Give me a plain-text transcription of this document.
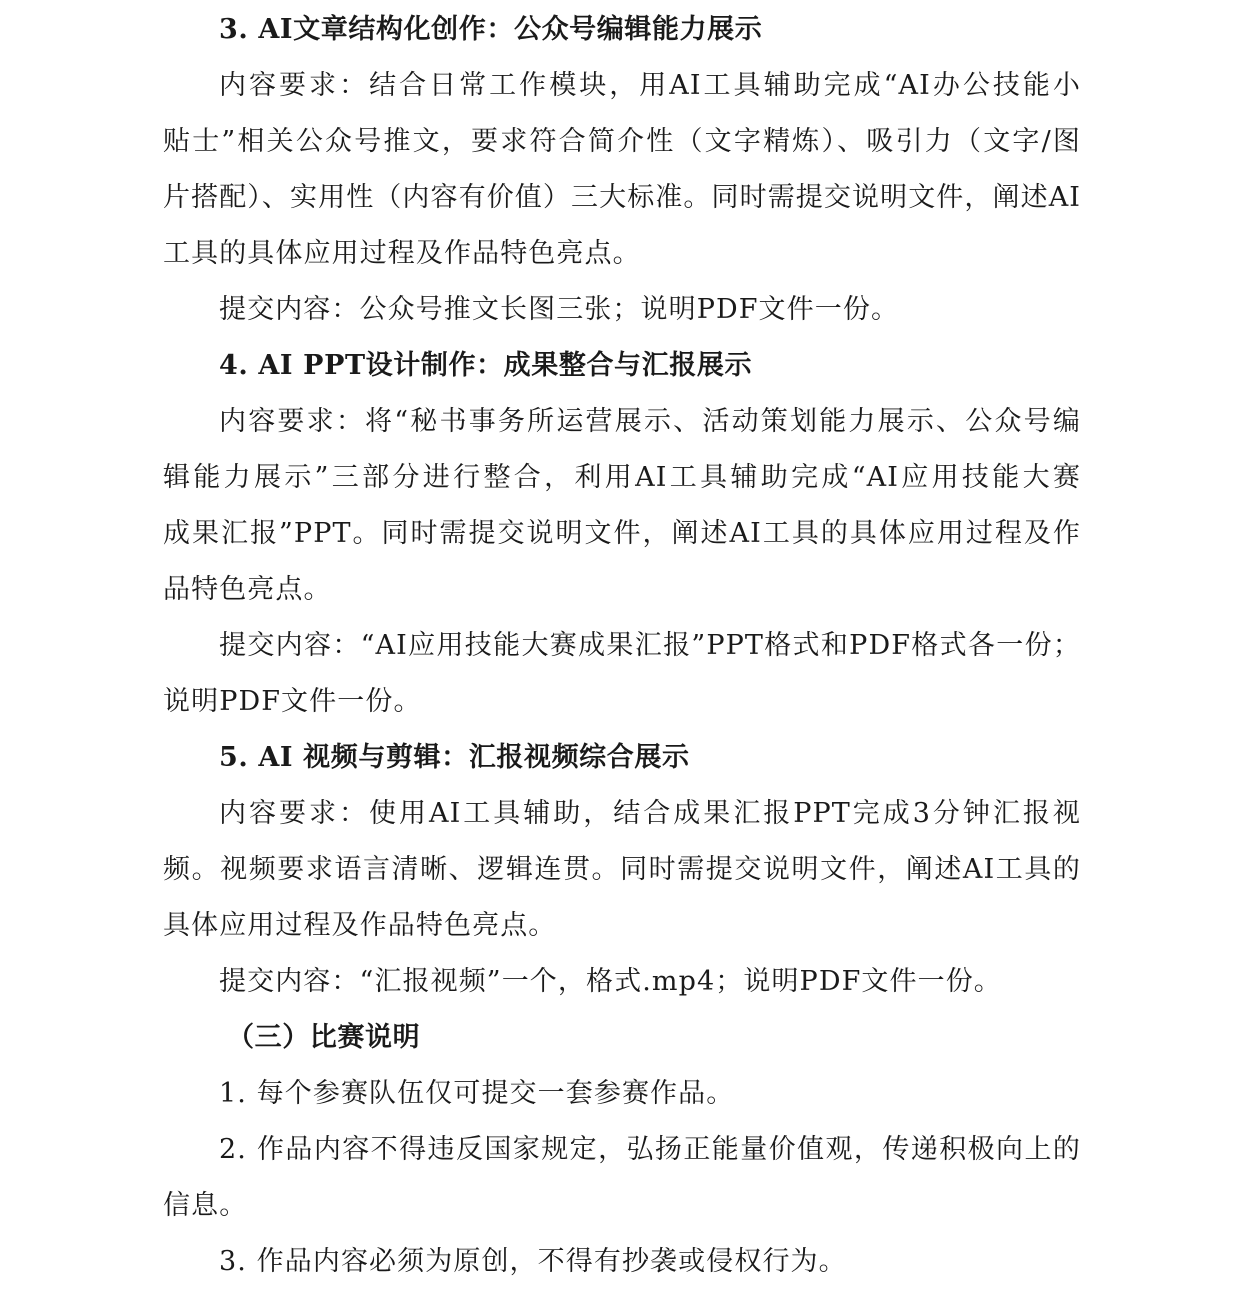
3. AI文章结构化创作：公众号编辑能力展示
内容要求：结合日常工作模块，用AI工具辅助完成“AI办公技能小
贴士”相关公众号推文，要求符合简介性（文字精炼）、吸引力（文字/图
片搭配）、实用性（内容有价值）三大标准。同时需提交说明文件，阐述AI
工具的具体应用过程及作品特色亮点。
提交内容：公众号推文长图三张；说明PDF文件一份。
4. AI PPT设计制作：成果整合与汇报展示
内容要求：将“秘书事务所运营展示、活动策划能力展示、公众号编
辑能力展示”三部分进行整合，利用AI工具辅助完成“AI应用技能大赛
成果汇报”PPT。同时需提交说明文件，阐述AI工具的具体应用过程及作
品特色亮点。
提交内容：“AI应用技能大赛成果汇报”PPT格式和PDF格式各一份；
说明PDF文件一份。
5. AI 视频与剪辑：汇报视频综合展示
内容要求：使用AI工具辅助，结合成果汇报PPT完成3分钟汇报视
频。视频要求语言清晰、逻辑连贯。同时需提交说明文件，阐述AI工具的
具体应用过程及作品特色亮点。
提交内容：“汇报视频”一个，格式.mp4；说明PDF文件一份。
（三）比赛说明
1. 每个参赛队伍仅可提交一套参赛作品。
2. 作品内容不得违反国家规定，弘扬正能量价值观，传递积极向上的
信息。
3. 作品内容必须为原创，不得有抄袭或侵权行为。
